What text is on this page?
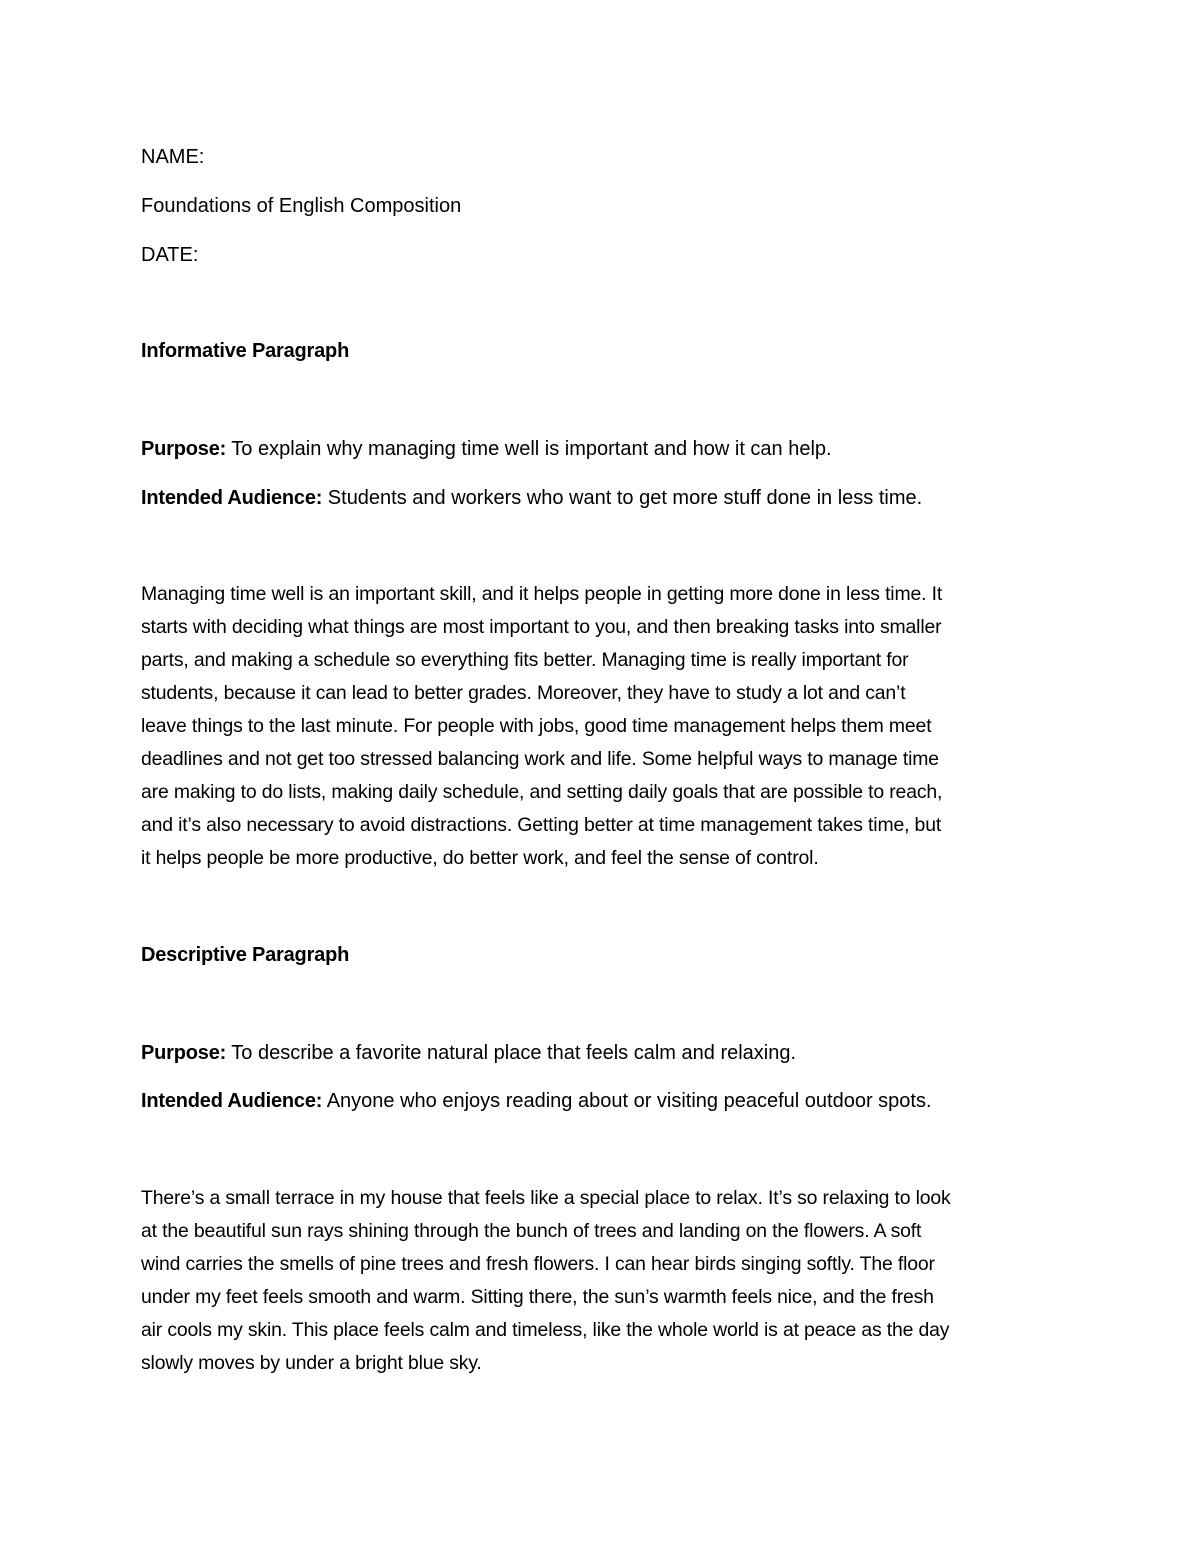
NAME:
Foundations of English Composition
DATE:
Informative Paragraph
Purpose: To explain why managing time well is important and how it can help.
Intended Audience: Students and workers who want to get more stuff done in less time.
Managing time well is an important skill, and it helps people in getting more done in less time. It
starts with deciding what things are most important to you, and then breaking tasks into smaller
parts, and making a schedule so everything fits better. Managing time is really important for
students, because it can lead to better grades. Moreover, they have to study a lot and can’t
leave things to the last minute. For people with jobs, good time management helps them meet
deadlines and not get too stressed balancing work and life. Some helpful ways to manage time
are making to do lists, making daily schedule, and setting daily goals that are possible to reach,
and it’s also necessary to avoid distractions. Getting better at time management takes time, but
it helps people be more productive, do better work, and feel the sense of control.
Descriptive Paragraph
Purpose: To describe a favorite natural place that feels calm and relaxing.
Intended Audience: Anyone who enjoys reading about or visiting peaceful outdoor spots.
There’s a small terrace in my house that feels like a special place to relax. It’s so relaxing to look
at the beautiful sun rays shining through the bunch of trees and landing on the flowers. A soft
wind carries the smells of pine trees and fresh flowers. I can hear birds singing softly. The floor
under my feet feels smooth and warm. Sitting there, the sun’s warmth feels nice, and the fresh
air cools my skin. This place feels calm and timeless, like the whole world is at peace as the day
slowly moves by under a bright blue sky.
